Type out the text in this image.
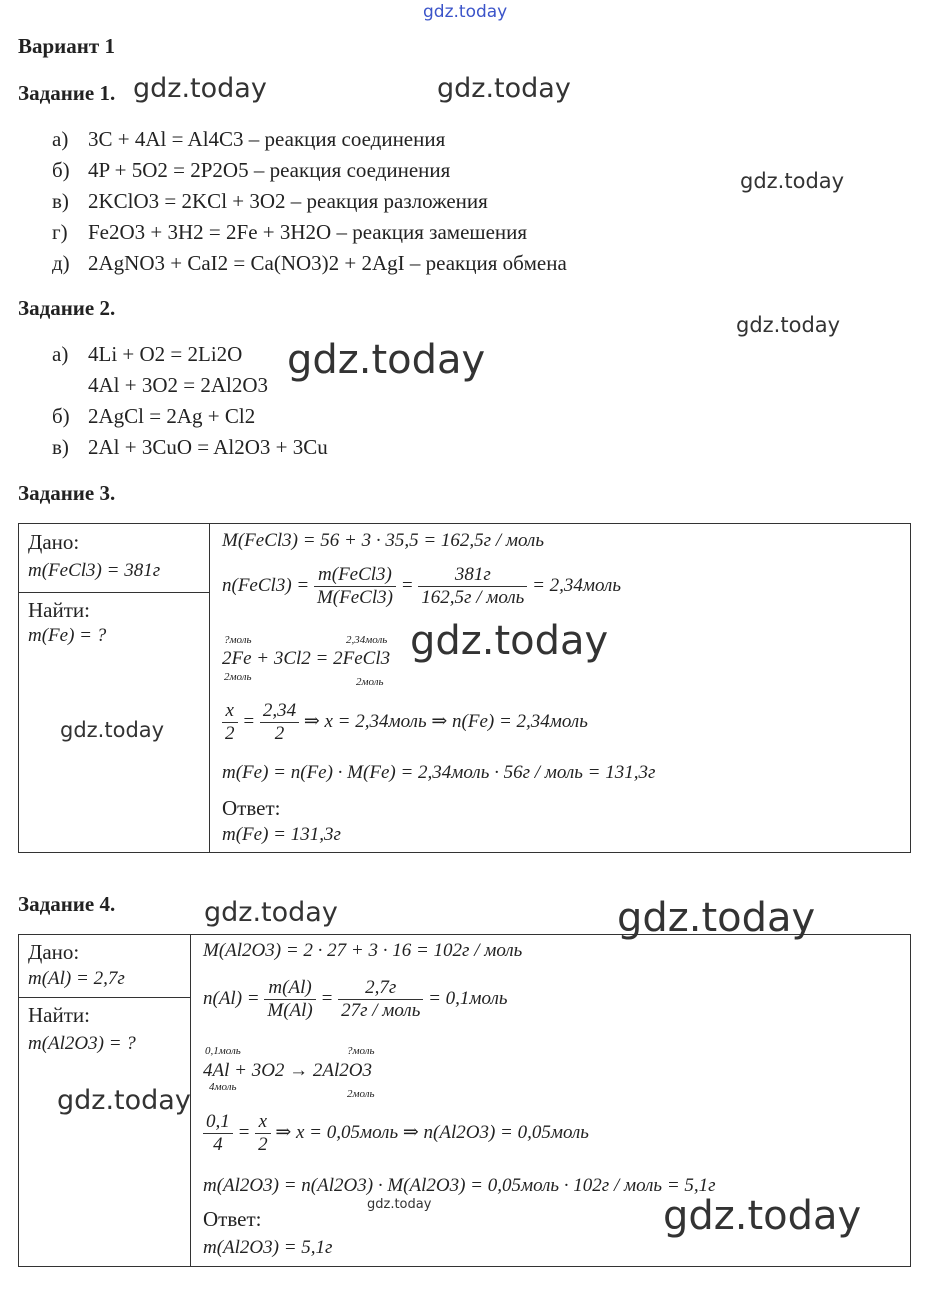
gdz.today
gdz.today	gdz.today
gdz.today
gdz.today
gdz.today
Вариант 1
Задание 1.
а) 3C + 4Al = Al4C3 – реакция соединения
б) 4P + 5O2 = 2P2O5 – реакция соединения
в) 2KClO3 = 2KCl + 3O2 – реакция разложения
г) Fe2O3 + 3H2 = 2Fe + 3H2O – реакция замешения
д) 2AgNO3 + CaI2 = Ca(NO3)2 + 2AgI – реакция обмена
Задание 2.
а) 4Li + O2 = 2Li2O
4Al + 3O2 = 2Al2O3
б) 2AgCl = 2Ag + Cl2
в) 2Al + 3CuO = Al2O3 + 3Cu
Задание 3.
Дано:
m(FeCl3) = 381г
Найти:
m(Fe) = ?
gdz.today
M(FeCl3) = 56 + 3 · 35,5 = 162,5г / моль
n(FeCl3) = $\frac{\text{m(FeCl3)}}{\text{M(FeCl3)}} = \frac{381г}{\text{162,5г / моль}}$ = 2,34моль
?моль	2,34моль
2Fe + 3Cl2 = 2FeCl3
2моль	2моль
gdz.today
$\frac{x}{2} = \frac{2,34}{2}$ ⇒ x = 2,34моль ⇒ n(Fe) = 2,34моль
m(Fe) = n(Fe) · M(Fe) = 2,34моль · 56г / моль = 131,3г
Ответ:
m(Fe) = 131,3г
Задание 4.	gdz.today	gdz.today
Дано:
m(Al) = 2,7г
Найти:
m(Al2O3) = ?
gdz.today
M(Al2O3) = 2 · 27 + 3 · 16 = 102г / моль
$n(Al) = \frac{m(Al)}{M(Al)} = \frac{2,7г}{\text{27г / моль}}$ = 0,1моль
0,1моль	?моль
4Al + 3O2 → 2Al2O3
4моль
2моль
$\frac{0,1}{4} = \frac{x}{2}$ ⇒ x = 0,05моль ⇒ n(Al2O3) = 0,05моль
m(Al2O3) = n(Al2O3) · M(Al2O3) = 0,05моль · 102г / моль = 5,1г
gdz.today
Ответ:
m(Al2O3) = 5,1г
gdz.today
